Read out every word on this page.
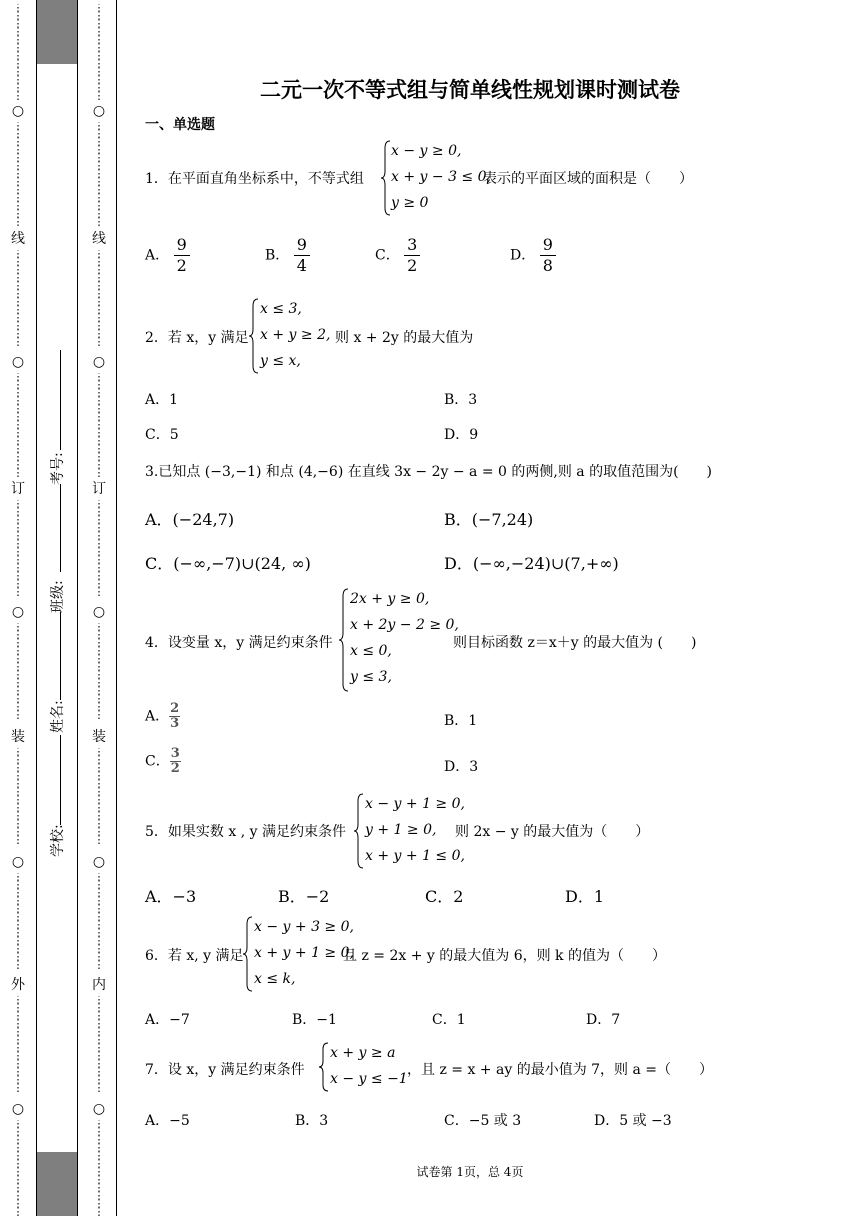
⋮⋮⋮⋮⋮⋮⋮⋮⋮⋮⋮⋮
○
⋮⋮⋮⋮⋮⋮⋮⋮⋮⋮⋮⋮⋮
线
⋮⋮⋮⋮⋮⋮⋮⋮⋮⋮⋮⋮
○
⋮⋮⋮⋮⋮⋮⋮⋮⋮⋮⋮⋮⋮
订
⋮⋮⋮⋮⋮⋮⋮⋮⋮⋮⋮⋮
○
⋮⋮⋮⋮⋮⋮⋮⋮⋮⋮⋮⋮
装
⋮⋮⋮⋮⋮⋮⋮⋮⋮⋮⋮⋮
○
⋮⋮⋮⋮⋮⋮⋮⋮⋮⋮⋮⋮
外
⋮⋮⋮⋮⋮⋮⋮⋮⋮⋮⋮⋮
○
⋮⋮⋮⋮⋮⋮⋮⋮⋮⋮⋮⋮
⋮⋮⋮⋮⋮⋮⋮⋮⋮⋮⋮⋮
○
⋮⋮⋮⋮⋮⋮⋮⋮⋮⋮⋮⋮⋮
线
⋮⋮⋮⋮⋮⋮⋮⋮⋮⋮⋮⋮
○
⋮⋮⋮⋮⋮⋮⋮⋮⋮⋮⋮⋮⋮
订
⋮⋮⋮⋮⋮⋮⋮⋮⋮⋮⋮⋮
○
⋮⋮⋮⋮⋮⋮⋮⋮⋮⋮⋮⋮
装
⋮⋮⋮⋮⋮⋮⋮⋮⋮⋮⋮⋮
○
⋮⋮⋮⋮⋮⋮⋮⋮⋮⋮⋮⋮
内
⋮⋮⋮⋮⋮⋮⋮⋮⋮⋮⋮⋮
○
⋮⋮⋮⋮⋮⋮⋮⋮⋮⋮⋮⋮
学校:
姓名:
班级:
考号:
二元一次不等式组与简单线性规划课时测试卷
一、单选题
1．在平面直角坐标系中，不等式组
x − y ≥ 0,
x + y − 3 ≤ 0,
y ≥ 0
表示的平面区域的面积是（　　）
A． $\frac{9}{2}$	B． $\frac{9}{4}$	C． $\frac{3}{2}$	D． $\frac{9}{8}$
2．若 x，y 满足
x ≤ 3,
x + y ≥ 2,
y ≤ x,
则 x + 2y 的最大值为
A．1	B．3
C．5	D．9
3.已知点 (−3,−1) 和点 (4,−6) 在直线 3x − 2y − a = 0 的两侧,则 a 的取值范围为(　　)
A．(−24,7)	B．(−7,24)
C．(−∞,−7)∪(24, ∞)	D．(−∞,−24)∪(7,+∞)
4．设变量 x，y 满足约束条件
2x + y ≥ 0,
x + 2y − 2 ≥ 0,
x ≤ 0,
y ≤ 3,
则目标函数 z＝x＋y 的最大值为 (　　)
A． $\frac{2}{3}$	B．1
C． $\frac{3}{2}$	D．3
5．如果实数 x , y 满足约束条件
x − y + 1 ≥ 0,
y + 1 ≥ 0,
x + y + 1 ≤ 0,
则 2x − y 的最大值为（　　）
A．−3	B．−2	C．2	D．1
6．若 x, y 满足
x − y + 3 ≥ 0,
x + y + 1 ≥ 0,
x ≤ k,
且 z = 2x + y 的最大值为 6，则 k 的值为（　　）
A．−7	B．−1	C．1	D．7
7．设 x，y 满足约束条件
x + y ≥ a
x − y ≤ −1
，且 z = x + ay 的最小值为 7，则 a =（　　）
A．−5	B．3	C．−5 或 3	D．5 或 −3
试卷第 1页，总 4页
